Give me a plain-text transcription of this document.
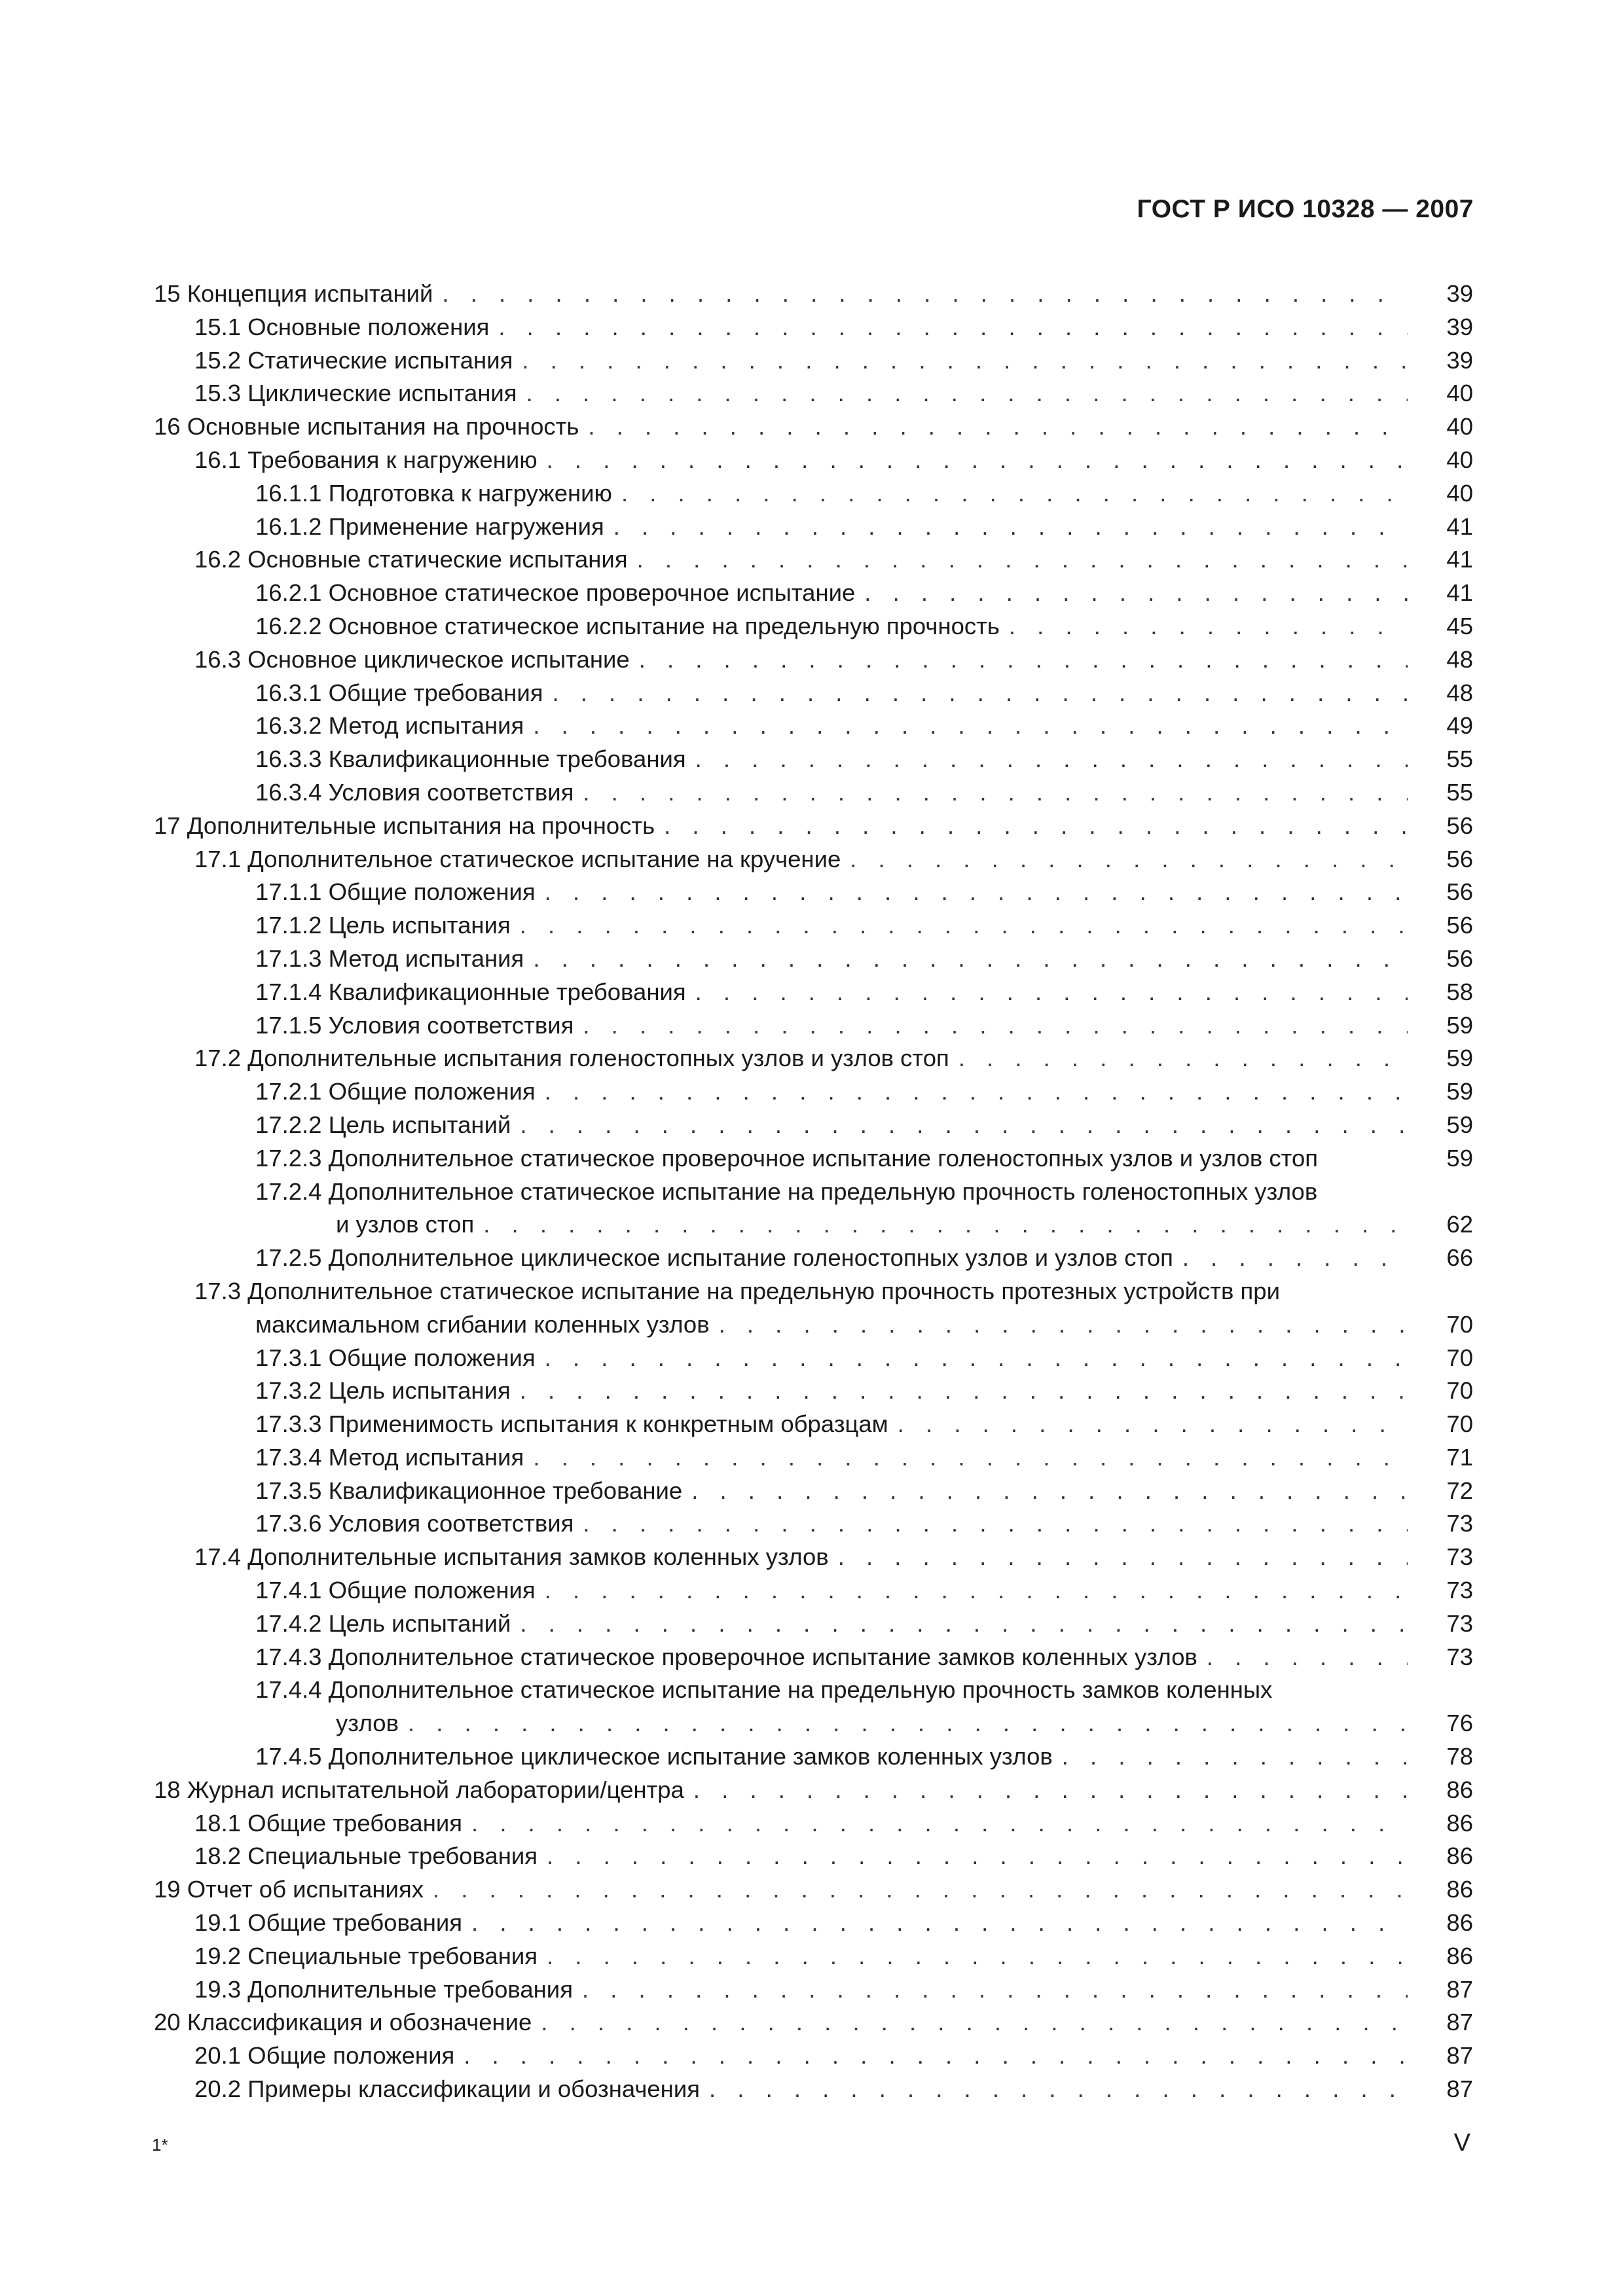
ГОСТ Р ИСО 10328 — 2007
15 Концепция испытаний . . .	39
15.1 Основные положения . . .	39
15.2 Статические испытания . . .	39
15.3 Циклические испытания . . .	40
16 Основные испытания на прочность . . .	40
16.1 Требования к нагружению . . .	40
16.1.1 Подготовка к нагружению . . .	40
16.1.2 Применение нагружения . . .	41
16.2 Основные статические испытания . . .	41
16.2.1 Основное статическое проверочное испытание . . .	41
16.2.2 Основное статическое испытание на предельную прочность . . .	45
16.3 Основное циклическое испытание . . .	48
16.3.1 Общие требования . . .	48
16.3.2 Метод испытания . . .	49
16.3.3 Квалификационные требования . . .	55
16.3.4 Условия соответствия . . .	55
17 Дополнительные испытания на прочность . . .	56
17.1 Дополнительное статическое испытание на кручение . . .	56
17.1.1 Общие положения . . .	56
17.1.2 Цель испытания . . .	56
17.1.3 Метод испытания . . .	56
17.1.4 Квалификационные требования . . .	58
17.1.5 Условия соответствия . . .	59
17.2 Дополнительные испытания голеностопных узлов и узлов стоп . . .	59
17.2.1 Общие положения . . .	59
17.2.2 Цель испытаний . . .	59
17.2.3 Дополнительное статическое проверочное испытание голеностопных узлов и узлов стоп	59
17.2.4 Дополнительное статическое испытание на предельную прочность голеностопных узлов
и узлов стоп . . .	62
17.2.5 Дополнительное циклическое испытание голеностопных узлов и узлов стоп . . .	66
17.3 Дополнительное статическое испытание на предельную прочность протезных устройств при
максимальном сгибании коленных узлов . . .	70
17.3.1 Общие положения . . .	70
17.3.2 Цель испытания . . .	70
17.3.3 Применимость испытания к конкретным образцам . . .	70
17.3.4 Метод испытания . . .	71
17.3.5 Квалификационное требование . . .	72
17.3.6 Условия соответствия . . .	73
17.4 Дополнительные испытания замков коленных узлов . . .	73
17.4.1 Общие положения . . .	73
17.4.2 Цель испытаний . . .	73
17.4.3 Дополнительное статическое проверочное испытание замков коленных узлов . . .	73
17.4.4 Дополнительное статическое испытание на предельную прочность замков коленных
узлов . . .	76
17.4.5 Дополнительное циклическое испытание замков коленных узлов . . .	78
18 Журнал испытательной лаборатории/центра . . .	86
18.1 Общие требования . . .	86
18.2 Специальные требования . . .	86
19 Отчет об испытаниях . . .	86
19.1 Общие требования . . .	86
19.2 Специальные требования . . .	86
19.3 Дополнительные требования . . .	87
20 Классификация и обозначение . . .	87
20.1 Общие положения . . .	87
20.2 Примеры классификации и обозначения . . .	87
1*	V
